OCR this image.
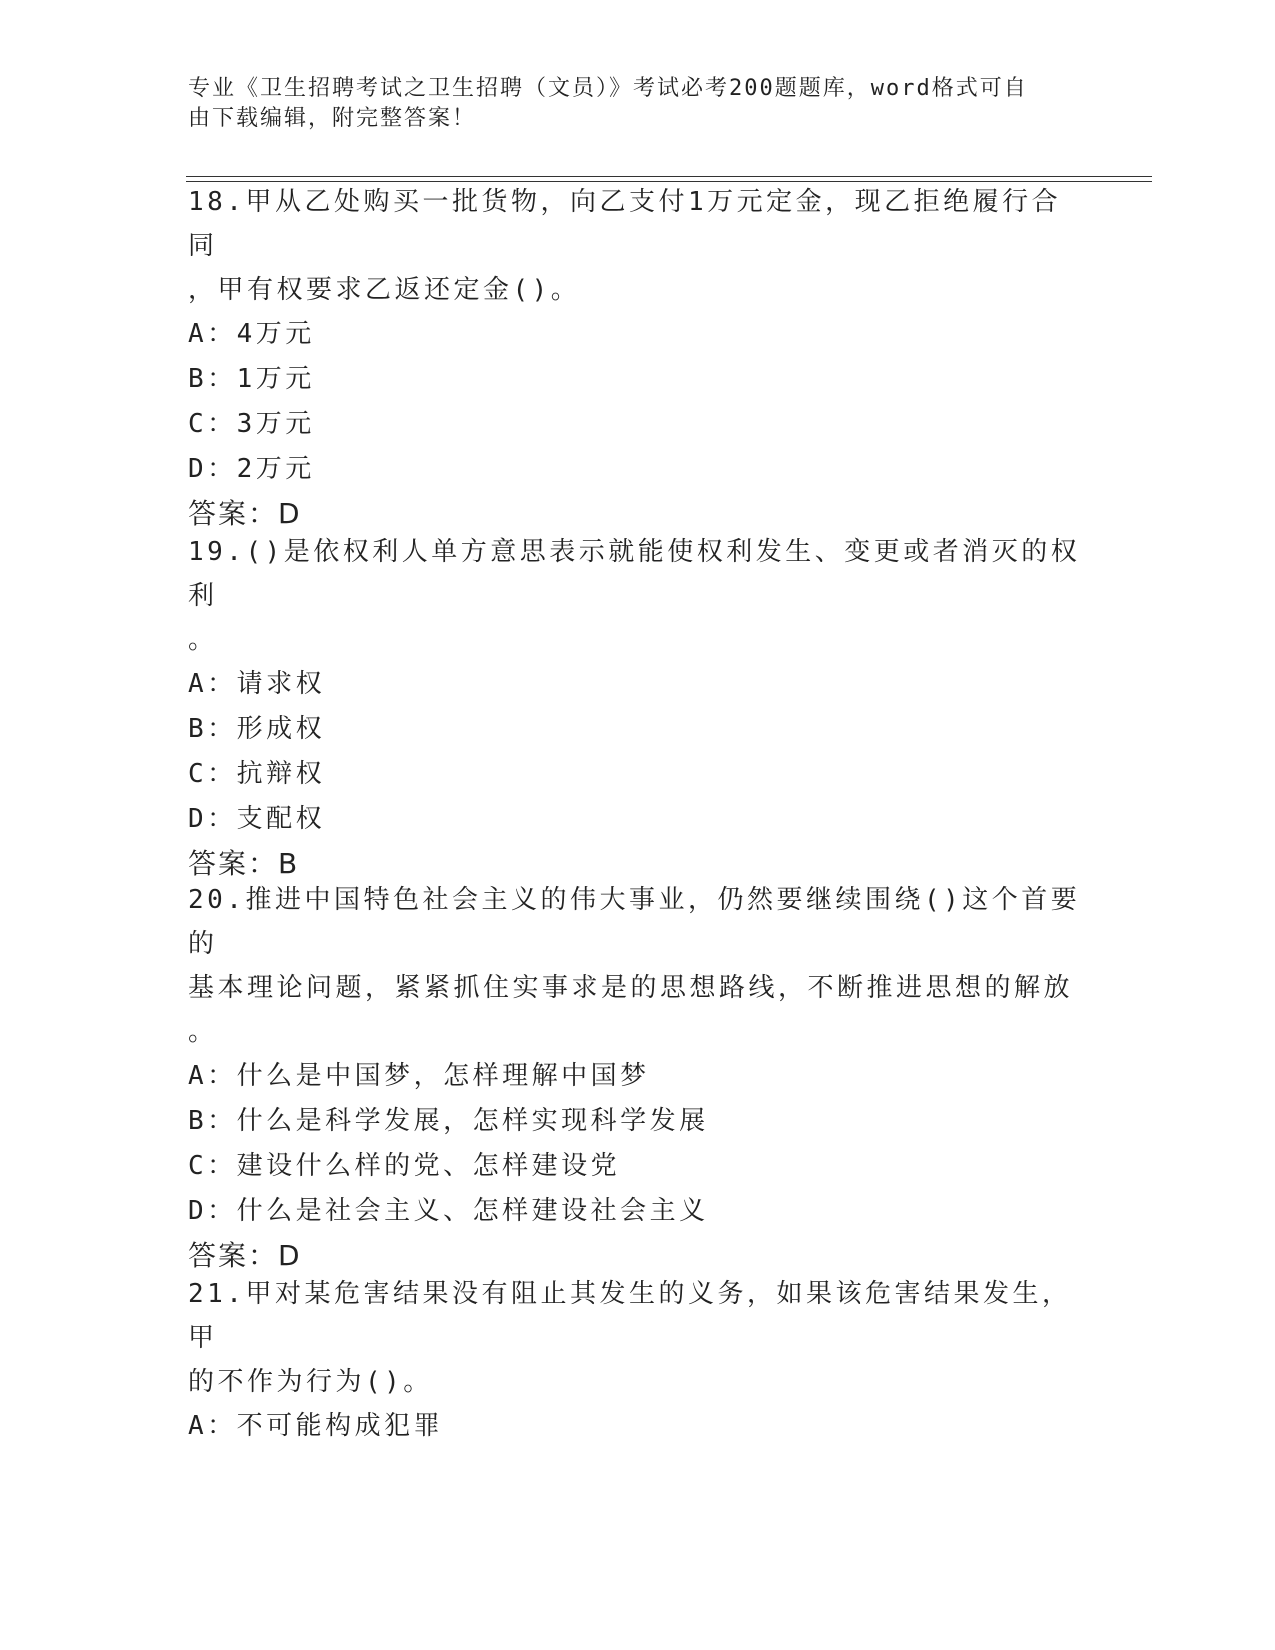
专业《卫生招聘考试之卫生招聘（文员）》考试必考200题题库，word格式可自
由下载编辑，附完整答案！
18.甲从乙处购买一批货物，向乙支付1万元定金，现乙拒绝履行合同
，甲有权要求乙返还定金()。
A：4万元
B：1万元
C：3万元
D：2万元
答案：D
19.()是依权利人单方意思表示就能使权利发生、变更或者消灭的权利
。
A：请求权
B：形成权
C：抗辩权
D：支配权
答案：B
20.推进中国特色社会主义的伟大事业，仍然要继续围绕()这个首要的
基本理论问题，紧紧抓住实事求是的思想路线，不断推进思想的解放
。
A：什么是中国梦，怎样理解中国梦
B：什么是科学发展，怎样实现科学发展
C：建设什么样的党、怎样建设党
D：什么是社会主义、怎样建设社会主义
答案：D
21.甲对某危害结果没有阻止其发生的义务，如果该危害结果发生，甲
的不作为行为()。
A：不可能构成犯罪
